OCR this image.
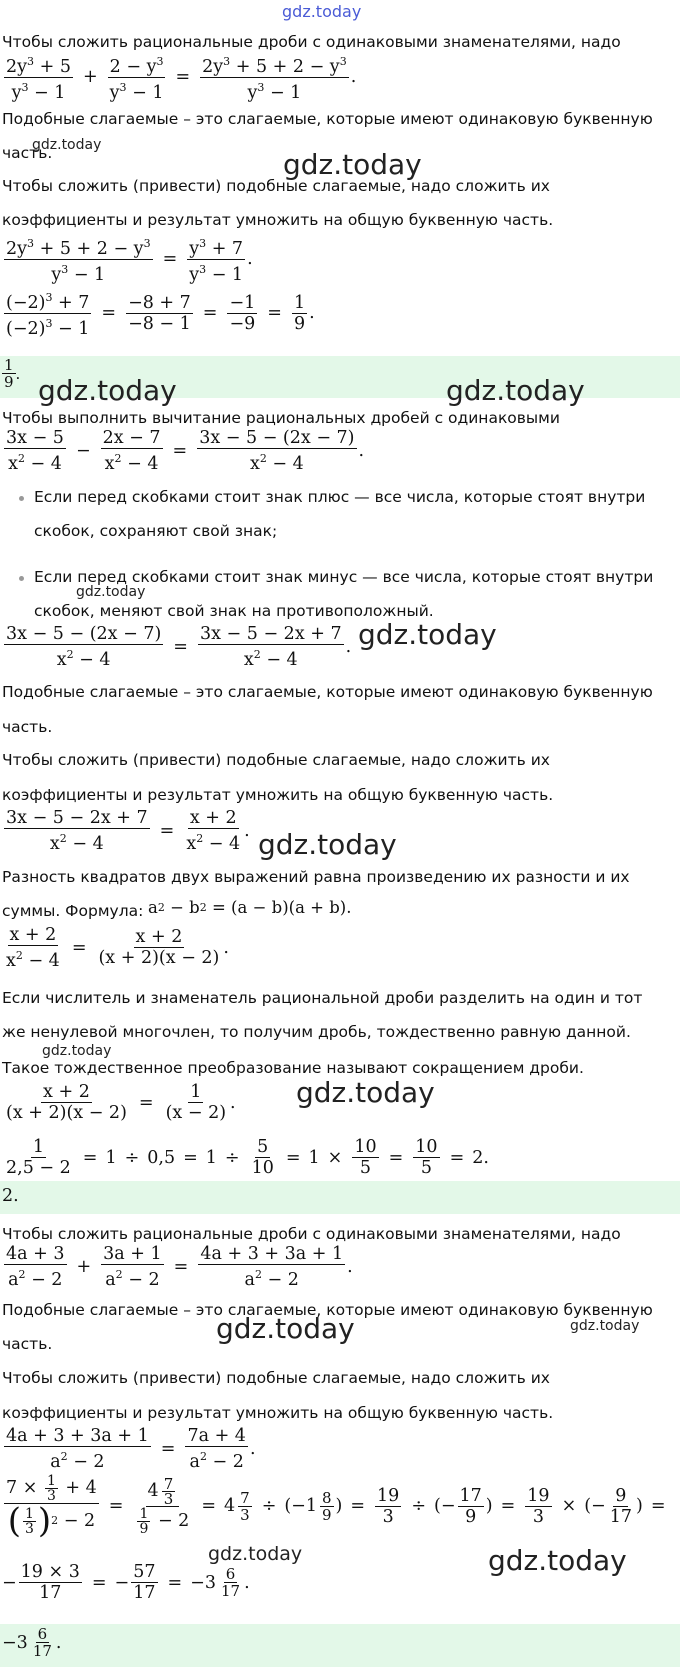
gdz.today
Чтобы сложить рациональные дроби с одинаковыми знаменателями, надо
$\frac{2y^3 + 5}{y^3 - 1} + \frac{2 - y^3}{y^3 - 1} = \frac{2y^3 + 5 + 2 - y^3}{y^3 - 1}$ .
Подобные слагаемые – это слагаемые, которые имеют одинаковую буквенную
часть.
Чтобы сложить (привести) подобные слагаемые, надо сложить их
коэффициенты и результат умножить на общую буквенную часть.
$\frac{2y^3 + 5 + 2 - y^3}{y^3 - 1} = \frac{y^3 + 7}{y^3 - 1}$ .
$\frac{(-2)^3 + 7}{(-2)^3 - 1} = \frac{-8 + 7}{-8 - 1} = \frac{-1}{-9} = \frac{1}{9}$ .
$\frac{1}{9}$ .
Чтобы выполнить вычитание рациональных дробей с одинаковыми
$\frac{3x - 5}{x^2 - 4} - \frac{2x - 7}{x^2 - 4} = \frac{3x - 5 - (2x - 7)}{x^2 - 4}$ .
Если перед скобками стоит знак плюс — все числа, которые стоят внутри
скобок, сохраняют свой знак;
Если перед скобками стоит знак минус — все числа, которые стоят внутри
скобок, меняют свой знак на противоположный.
$\frac{3x - 5 - (2x - 7)}{x^2 - 4} = \frac{3x - 5 - 2x + 7}{x^2 - 4}$ .
Подобные слагаемые – это слагаемые, которые имеют одинаковую буквенную
часть.
Чтобы сложить (привести) подобные слагаемые, надо сложить их
коэффициенты и результат умножить на общую буквенную часть.
$\frac{3x - 5 - 2x + 7}{x^2 - 4} = \frac{x + 2}{x^2 - 4}$ .
Разность квадратов двух выражений равна произведению их разности и их
суммы. Формула: a 2 − b 2 = (a − b)(a + b).
$\frac{x + 2}{x^2 - 4} = \frac{x + 2}{(x + 2)(x - 2)}$ .
Если числитель и знаменатель рациональной дроби разделить на один и тот
же ненулевой многочлен, то получим дробь, тождественно равную данной.
Такое тождественное преобразование называют сокращением дроби.
$\frac{x + 2}{(x + 2)(x - 2)} = \frac{1}{(x - 2)}$ .
$\frac{1}{2,5 - 2} = 1 \div 0,5 = 1 \div \frac{5}{10} = 1 \times \frac{10}{5} = \frac{10}{5} = 2$.
2.
Чтобы сложить рациональные дроби с одинаковыми знаменателями, надо
$\frac{4a + 3}{a^2 - 2} + \frac{3a + 1}{a^2 - 2} = \frac{4a + 3 + 3a + 1}{a^2 - 2}$ .
Подобные слагаемые – это слагаемые, которые имеют одинаковую буквенную
часть.
Чтобы сложить (привести) подобные слагаемые, надо сложить их
коэффициенты и результат умножить на общую буквенную часть.
$\frac{4a + 3 + 3a + 1}{a^2 - 2} = \frac{7a + 4}{a^2 - 2}$ .
$\frac{7 \times \frac{1}{3} + 4}{( \frac{1}{3} ) 2 - 2} = \frac{4 \frac{7}{3}}{\frac{1}{9} - 2} = 4 \frac{7}{3}$ ÷ (− $1 \frac{8}{9}$ ) = $\frac{19}{3}$ ÷ (− $\frac{17}{9}$ ) = $\frac{19}{3}$ × (− $\frac{9}{17}$ ) =
− $\frac{19 \times 3}{17}$ = − $\frac{57}{17}$ = − $3 \frac{6}{17}$ .
− $3 \frac{6}{17}$ .
gdz.today
gdz.today
gdz.today	gdz.today
gdz.today
gdz.today
gdz.today
gdz.today
gdz.today
gdz.today	gdz.today
gdz.today	gdz.today
